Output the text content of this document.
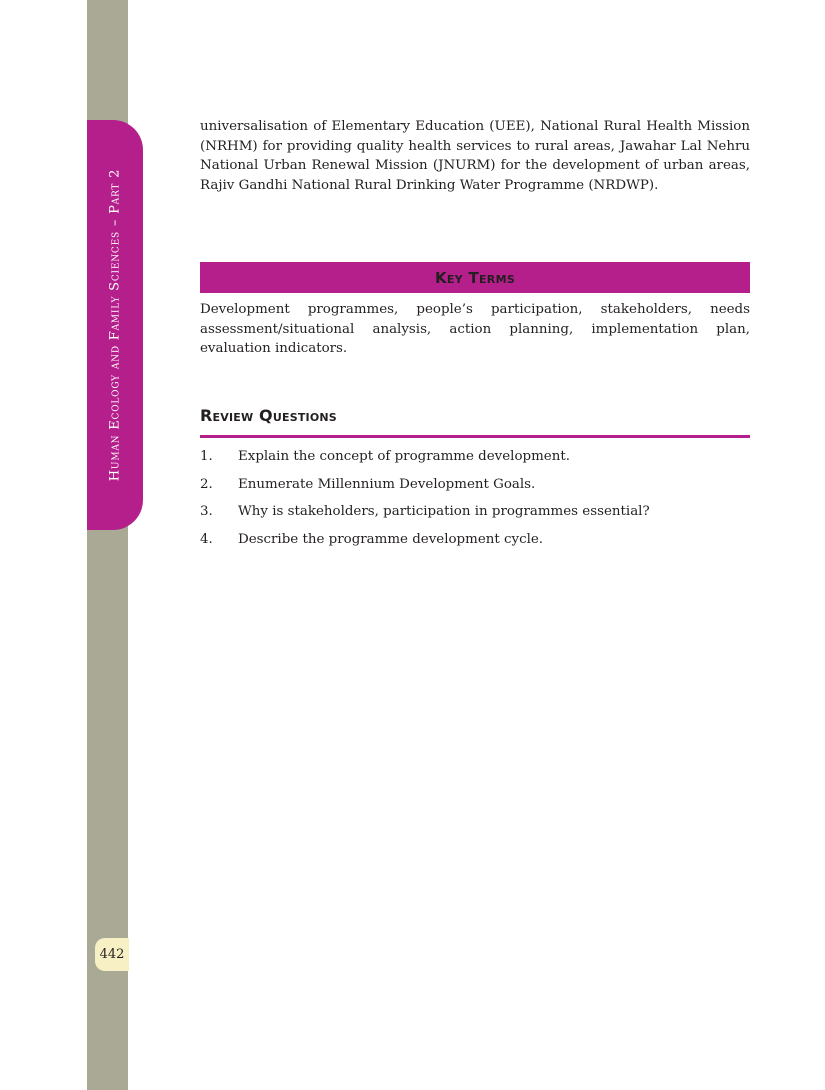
Human Ecology and Family Sciences – Part 2
442

universalisation of Elementary Education (UEE), National Rural Health Mission (NRHM) for providing quality health services to rural areas, Jawahar Lal Nehru National Urban Renewal Mission (JNURM) for the development of urban areas, Rajiv Gandhi National Rural Drinking Water Programme (NRDWP).

Key Terms

Development programmes, people’s participation, stakeholders, needs assessment/situational analysis, action planning, implementation plan, evaluation indicators.

Review Questions
1.	Explain the concept of programme development.
2.	Enumerate Millennium Development Goals.
3.	Why is stakeholders, participation in programmes essential?
4.	Describe the programme development cycle.
